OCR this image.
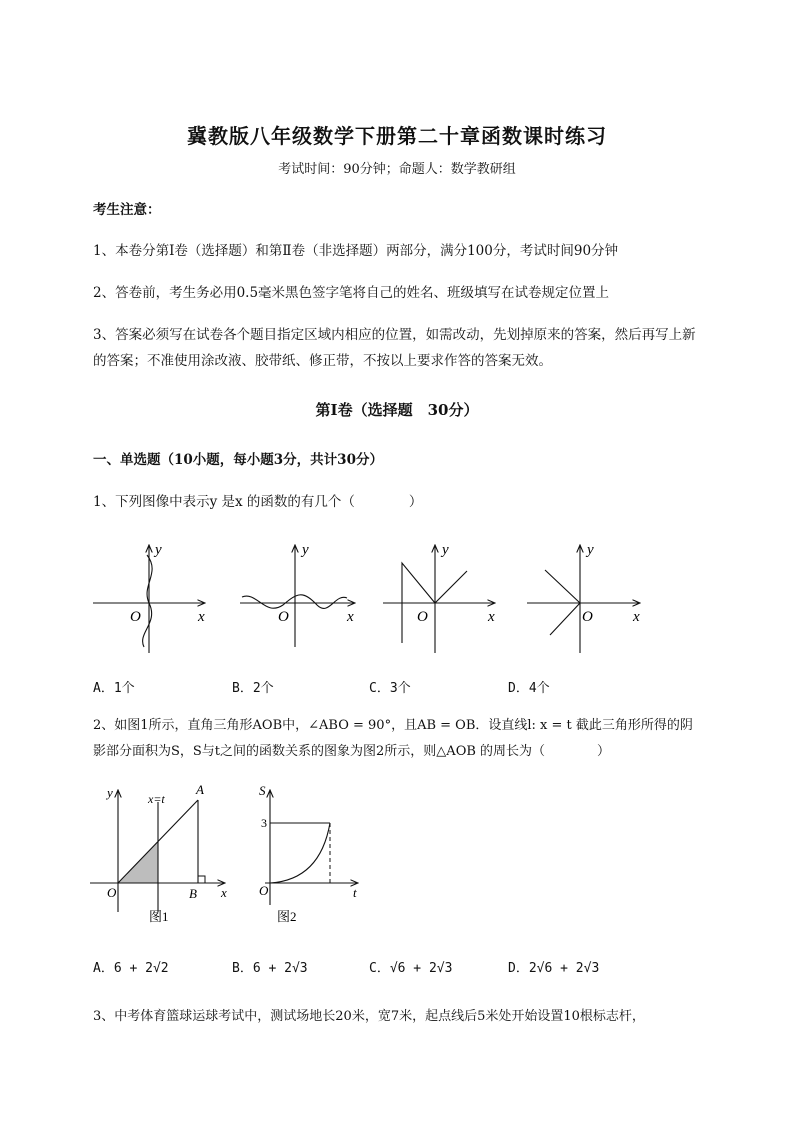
冀教版八年级数学下册第二十章函数课时练习
考试时间：90分钟；命题人：数学教研组
考生注意：
1、本卷分第I卷（选择题）和第Ⅱ卷（非选择题）两部分，满分100分，考试时间90分钟
2、答卷前，考生务必用0.5毫米黑色签字笔将自己的姓名、班级填写在试卷规定位置上
3、答案必须写在试卷各个题目指定区域内相应的位置，如需改动，先划掉原来的答案，然后再写上新
的答案；不准使用涂改液、胶带纸、修正带，不按以上要求作答的答案无效。
第I卷（选择题　30分）
一、单选题（10小题，每小题3分，共计30分）
1、下列图像中表示y 是x 的函数的有几个（　　　　）
y
x
O
y
x
O
y
x
O
y
x
O
A．1个	B．2个	C．3个	D．4个
2、如图1所示，直角三角形AOB中，∠ABO = 90°，且AB = OB．设直线l: x = t 截此三角形所得的阴
影部分面积为S，S与t之间的函数关系的图象为图2所示，则△AOB 的周长为（　　　　）
y
x
O
A
B
x=t
S
3
O	t
图1	图2
A．6 + 2√2	B．6 + 2√3	C．√6 + 2√3	D．2√6 + 2√3
3、中考体育篮球运球考试中，测试场地长20米，宽7米，起点线后5米处开始设置10根标志杆，
